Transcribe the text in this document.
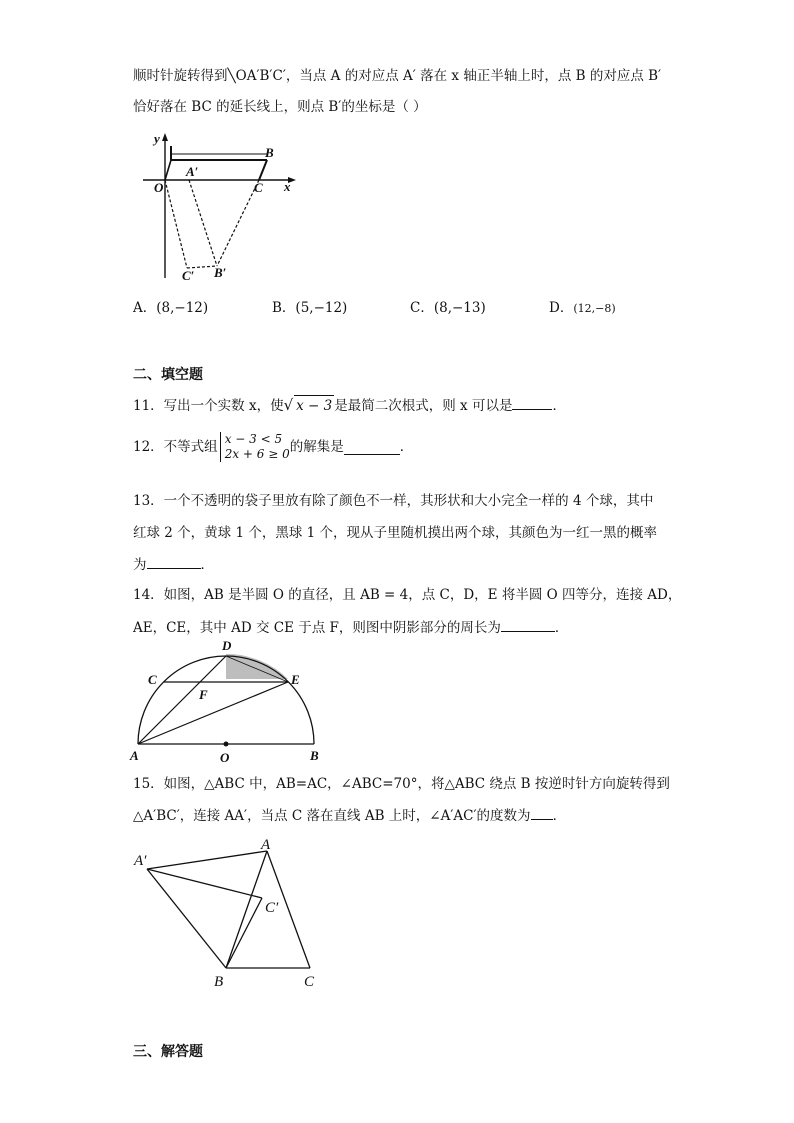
顺时针旋转得到╲OA′B′C′，当点 A 的对应点 A′ 落在 x 轴正半轴上时，点 B 的对应点 B′
恰好落在 BC 的延长线上，则点 B′的坐标是（ ）
y
x
O
A′
B
C
C′ B′
A．(8,−12)	B．(5,−12)	C．(8,−13)	D．(12,−8)
二、填空题
11．写出一个实数 x，使√ x − 3 是最简二次根式，则 x 可以是	．
12．不等式组 x − 3 < 5
2x + 6 ≥ 0的解集是	．
13．一个不透明的袋子里放有除了颜色不一样，其形状和大小完全一样的 4 个球，其中
红球 2 个，黄球 1 个，黑球 1 个，现从子里随机摸出两个球，其颜色为一红一黑的概率
为	．
14．如图，AB 是半圆 O 的直径，且 AB = 4，点 C，D，E 将半圆 O 四等分，连接 AD，
AE，CE，其中 AD 交 CE 于点 F，则图中阴影部分的周长为	．
D
C	E
F
A	O	B
15．如图，△ABC 中，AB=AC，∠ABC=70°，将△ABC 绕点 B 按逆时针方向旋转得到
△A′BC′，连接 AA′，当点 C 落在直线 AB 上时，∠A′AC′的度数为 ．
A
A′
C′
B	C
三、解答题
